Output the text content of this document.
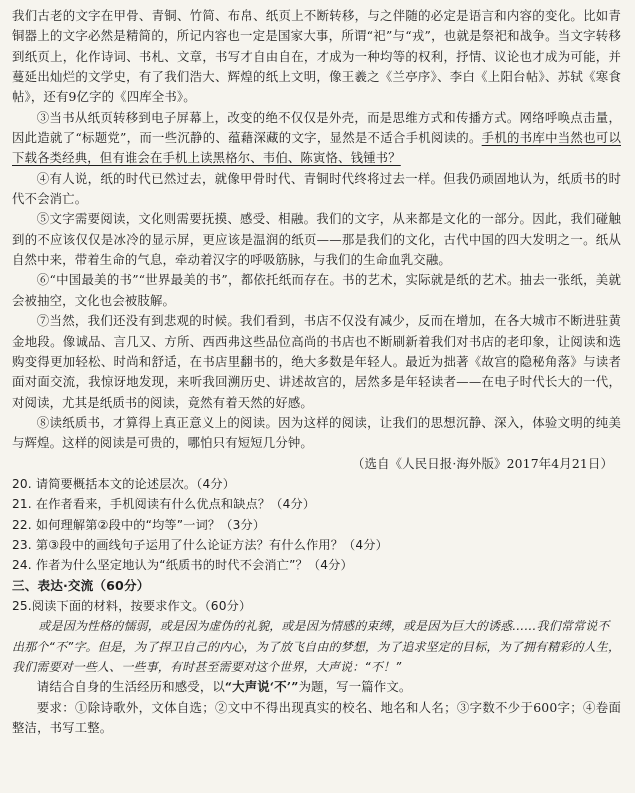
我们古老的文字在甲骨、青铜、竹简、布帛、纸页上不断转移，与之伴随的必定是语言和内容的变化。比如青铜器上的文字必然是精简的，所记内容也一定是国家大事，所谓“祀”与“戎”，也就是祭祀和战争。当文字转移到纸页上，化作诗词、书札、文章，书写才自由自在，才成为一种均等的权利，抒情、议论也才成为可能，并蔓延出灿烂的文学史，有了我们浩大、辉煌的纸上文明，像王羲之《兰亭序》、李白《上阳台帖》、苏轼《寒食帖》，还有9亿字的《四库全书》。

③当书从纸页转移到电子屏幕上，改变的绝不仅仅是外壳，而是思维方式和传播方式。网络呼唤点击量，因此造就了“标题党”，而一些沉静的、蕴藉深藏的文字，显然是不适合手机阅读的。手机的书库中当然也可以下载各类经典，但有谁会在手机上读黑格尔、韦伯、陈寅恪、钱锺书？

④有人说，纸的时代已然过去，就像甲骨时代、青铜时代终将过去一样。但我仍顽固地认为，纸质书的时代不会消亡。

⑤文字需要阅读，文化则需要抚摸、感受、相融。我们的文字，从来都是文化的一部分。因此，我们碰触到的不应该仅仅是冰冷的显示屏，更应该是温润的纸页——那是我们的文化，古代中国的四大发明之一。纸从自然中来，带着生命的气息，牵动着汉字的呼吸筋脉，与我们的生命血乳交融。

⑥“中国最美的书”“世界最美的书”，都依托纸而存在。书的艺术，实际就是纸的艺术。抽去一张纸，美就会被抽空，文化也会被肢解。

⑦当然，我们还没有到悲观的时候。我们看到，书店不仅没有减少，反而在增加，在各大城市不断进驻黄金地段。像诚品、言几又、方所、西西弗这些品位高尚的书店也不断刷新着我们对书店的老印象，让阅读和选购变得更加轻松、时尚和舒适，在书店里翻书的，绝大多数是年轻人。最近为拙著《故宫的隐秘角落》与读者面对面交流，我惊讶地发现，来听我回溯历史、讲述故宫的，居然多是年轻读者——在电子时代长大的一代，对阅读，尤其是纸质书的阅读，竟然有着天然的好感。

⑧读纸质书，才算得上真正意义上的阅读。因为这样的阅读，让我们的思想沉静、深入，体验文明的纯美与辉煌。这样的阅读是可贵的，哪怕只有短短几分钟。

（选自《人民日报·海外版》2017年4月21日）

20. 请简要概括本文的论述层次。（4分）

21. 在作者看来，手机阅读有什么优点和缺点？（4分）

22. 如何理解第②段中的“均等”一词？（3分）

23. 第③段中的画线句子运用了什么论证方法？有什么作用？（4分）

24. 作者为什么坚定地认为“纸质书的时代不会消亡”？（4分）

三、表达·交流（60分）

25.阅读下面的材料，按要求作文。（60分）

或是因为性格的懦弱，或是因为虚伪的礼貌，或是因为情感的束缚，或是因为巨大的诱惑……我们常常说不出那个“不”字。但是，为了捍卫自己的内心，为了放飞自由的梦想，为了追求坚定的目标，为了拥有精彩的人生，我们需要对一些人、一些事，有时甚至需要对这个世界，大声说：“不！”

请结合自身的生活经历和感受，以“大声说‘不’”为题，写一篇作文。

要求：①除诗歌外，文体自选；②文中不得出现真实的校名、地名和人名；③字数不少于600字；④卷面整洁，书写工整。
